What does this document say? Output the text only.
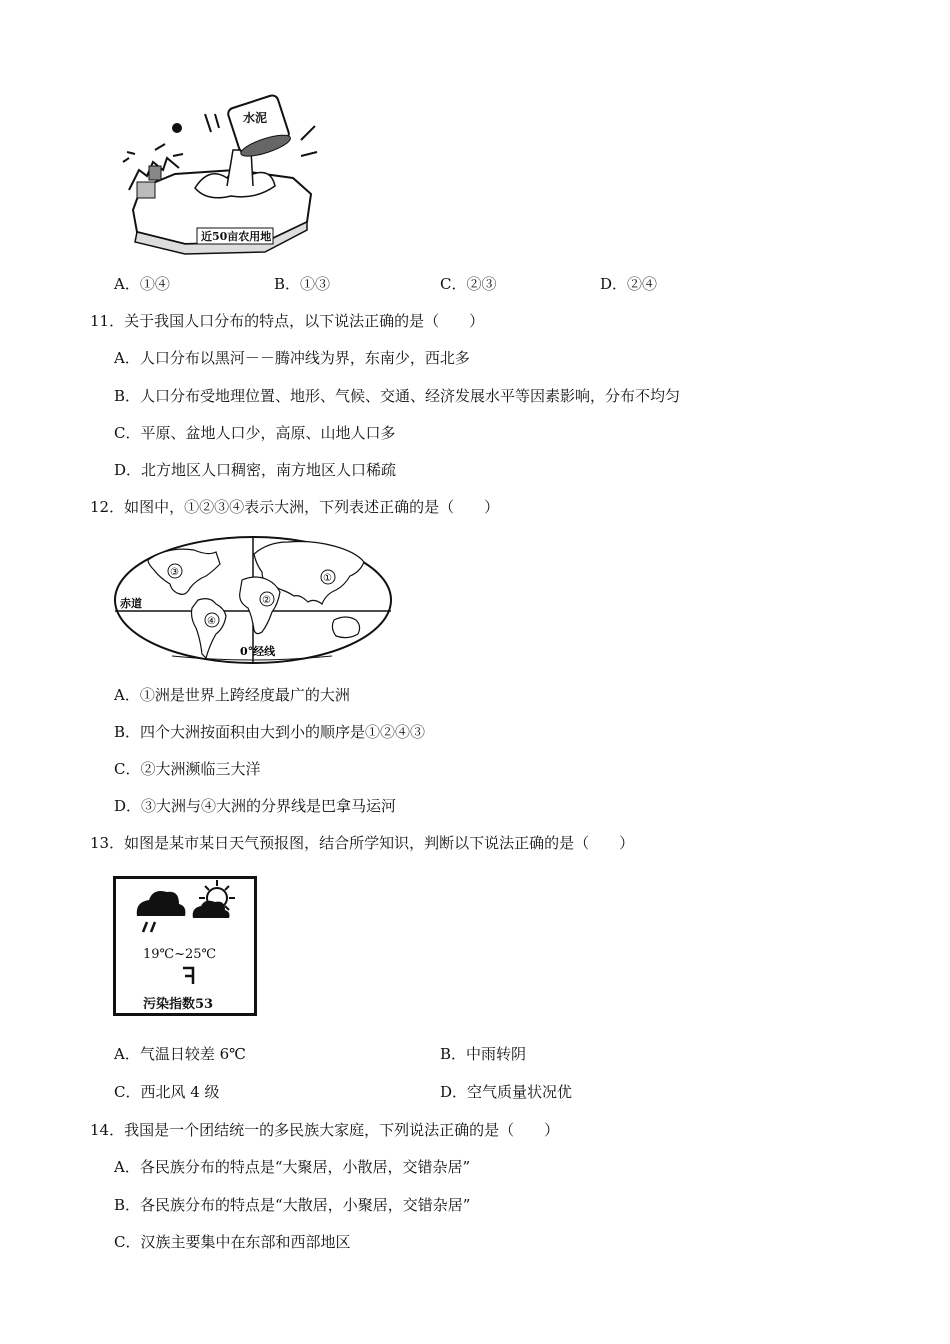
水泥
近50亩农用地
A．①④	B．①③	C．②③	D．②④
11．关于我国人口分布的特点，以下说法正确的是（　　）
A．人口分布以黑河－－腾冲线为界，东南少，西北多
B．人口分布受地理位置、地形、气候、交通、经济发展水平等因素影响，分布不均匀
C．平原、盆地人口少，高原、山地人口多
D．北方地区人口稠密，南方地区人口稀疏
12．如图中，①②③④表示大洲，下列表述正确的是（　　）
③
①
②
④
赤道
0°经线
A．①洲是世界上跨经度最广的大洲
B．四个大洲按面积由大到小的顺序是①②④③
C．②大洲濒临三大洋
D．③大洲与④大洲的分界线是巴拿马运河
13．如图是某市某日天气预报图，结合所学知识，判断以下说法正确的是（　　）
19℃~25℃
污染指数53
A．气温日较差 6℃	B．中雨转阴
C．西北风 4 级	D．空气质量状况优
14．我国是一个团结统一的多民族大家庭，下列说法正确的是（　　）
A．各民族分布的特点是“大聚居，小散居，交错杂居”
B．各民族分布的特点是“大散居，小聚居，交错杂居”
C．汉族主要集中在东部和西部地区
